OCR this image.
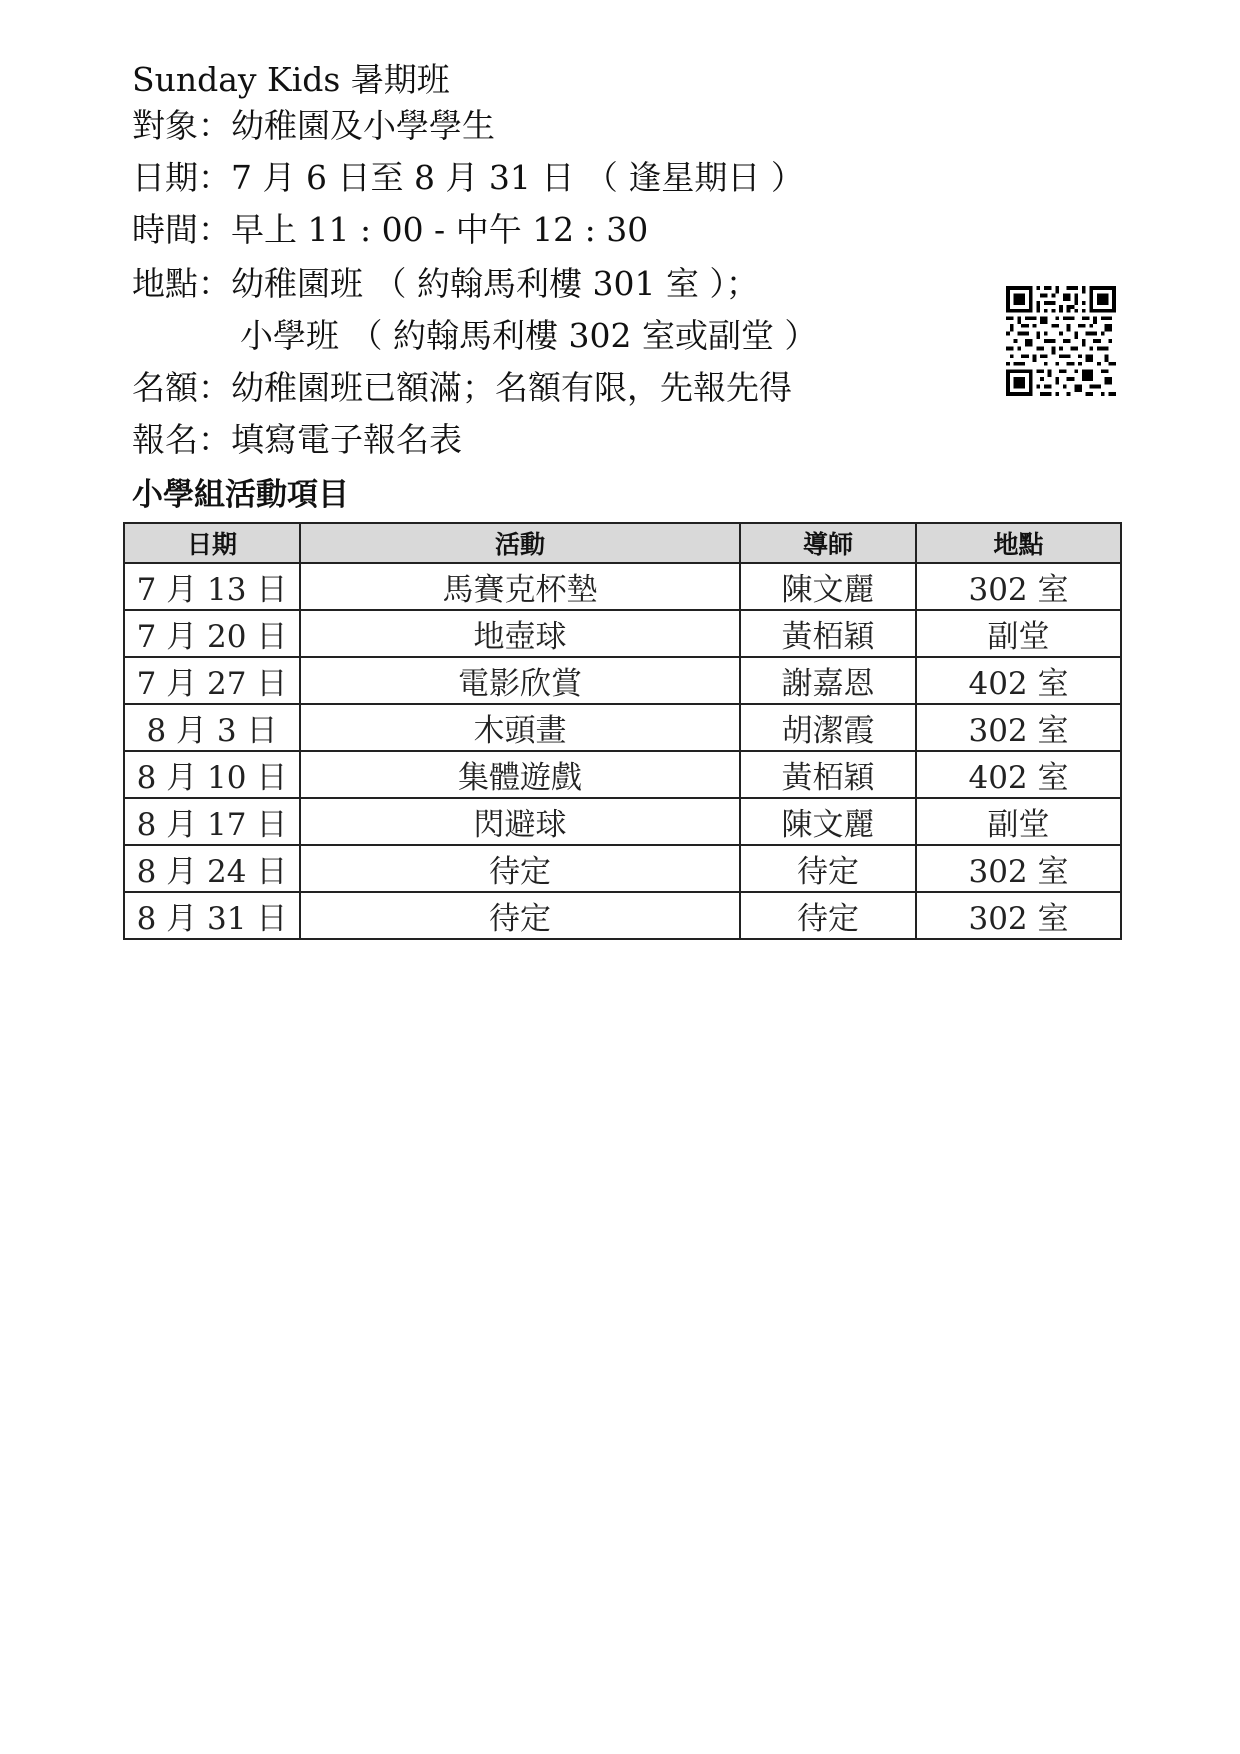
Sunday Kids 暑期班
對象：幼稚園及小學學生
日期：7 月 6 日至 8 月 31 日 （ 逢星期日 ）
時間：早上 11 : 00 - 中午 12 : 30
地點：幼稚園班 （ 約翰馬利樓 301 室 ）；
小學班 （ 約翰馬利樓 302 室或副堂 ）
名額：幼稚園班已額滿；名額有限，先報先得
報名：填寫電子報名表
小學組活動項目
日期	活動	導師	地點
7 月 13 日	馬賽克杯墊	陳文麗	302 室
7 月 20 日	地壺球	黃栢穎	副堂
7 月 27 日	電影欣賞	謝嘉恩	402 室
8 月 3 日	木頭畫	胡潔霞	302 室
8 月 10 日	集體遊戲	黃栢穎	402 室
8 月 17 日	閃避球	陳文麗	副堂
8 月 24 日	待定	待定	302 室
8 月 31 日	待定	待定	302 室
